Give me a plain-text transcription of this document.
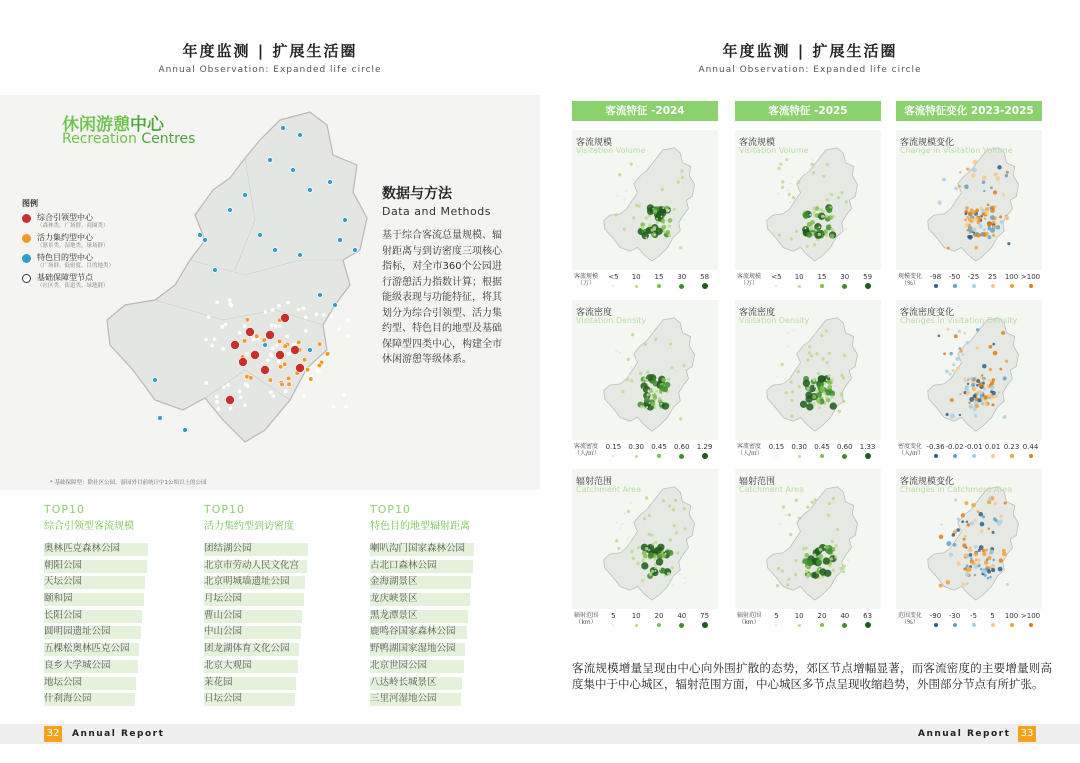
年度监测 | 扩展生活圈
Annual Observation: Expanded life circle
休闲游憩中心
Recreation Centres
图例
综合引领型中心
（森林类、广场群、商圈类）
活力集约型中心
（愿景类、湿地类、球场群）
特色目的型中心
（广场群、低密度、目的地类）
基础保障型节点
（社区类、街道类、绿地群）
数据与方法
Data and Methods
基于综合客流总量规模、辐射距离与到访密度三项核心指标，对全市360个公园进行游憩活力指数计算；根据能级表现与功能特征，将其划分为综合引领型、活力集约型、特色目的地型及基础保障型四类中心，构建全市休闲游憩等级体系。
* 基础保障型：除社区公园、游园外目前统计中1公顷以上的公园
TOP10
综合引领型客流规模
奥林匹克森林公园
朝阳公园
天坛公园
颐和园
长阳公园
圆明园遗址公园
五棵松奥林匹克公园
良乡大学城公园
地坛公园
什刹海公园
TOP10
活力集约型到访密度
团结湖公园
北京市劳动人民文化宫
北京明城墙遗址公园
月坛公园
曹山公园
中山公园
团龙湖体育文化公园
北京大观园
茉花园
日坛公园
TOP10
特色目的地型辐射距离
喇叭沟门国家森林公园
古北口森林公园
金海湖景区
龙庆峡景区
黑龙潭景区
鹿鸣谷国家森林公园
野鸭湖国家湿地公园
北京世园公园
八达岭长城景区
三里河湿地公园
年度监测 | 扩展生活圈
Annual Observation: Expanded life circle
客流特征 -2024	客流特征 -2025	客流特征变化 2023-2025
客流规模
Visitation Volume
客流规模
（万）
<5	10	15	30	58
客流规模
Visitation Volume
客流规模
（万）
<5	10	15	30	59
客流规模变化
Change in Visitation Volume
规模变化
（%）
-98	-50	-25	25	100 >100
客流密度
Visitation Density
客流密度
（人/㎡）
0.15	0.30	0.45	0.60	1.29
客流密度
Visitation Density
客流密度
（人/㎡）
0.15	0.30	0.45	0.60	1.33
客流密度变化
Changes in Visitation Density
密度变化
（人/㎡）
-0.36 -0.02 -0.01 0.01 0.23 0.44
辐射范围
Catchment Area
辐射范围
（km）
5	10	20	40	75
辐射范围
Catchment Area
辐射范围
（km）
5	10	20	40	63
客流规模变化
Changes in Catchment Area
范围变化
（%）
-90	-30	-5	5	100 >100
客流规模增量呈现由中心向外围扩散的态势，郊区节点增幅显著，而客流密度的主要增量则高度集中于中心城区，辐射范围方面，中心城区多节点呈现收缩趋势，外围部分节点有所扩张。
32 Annual Report	Annual Report 33
